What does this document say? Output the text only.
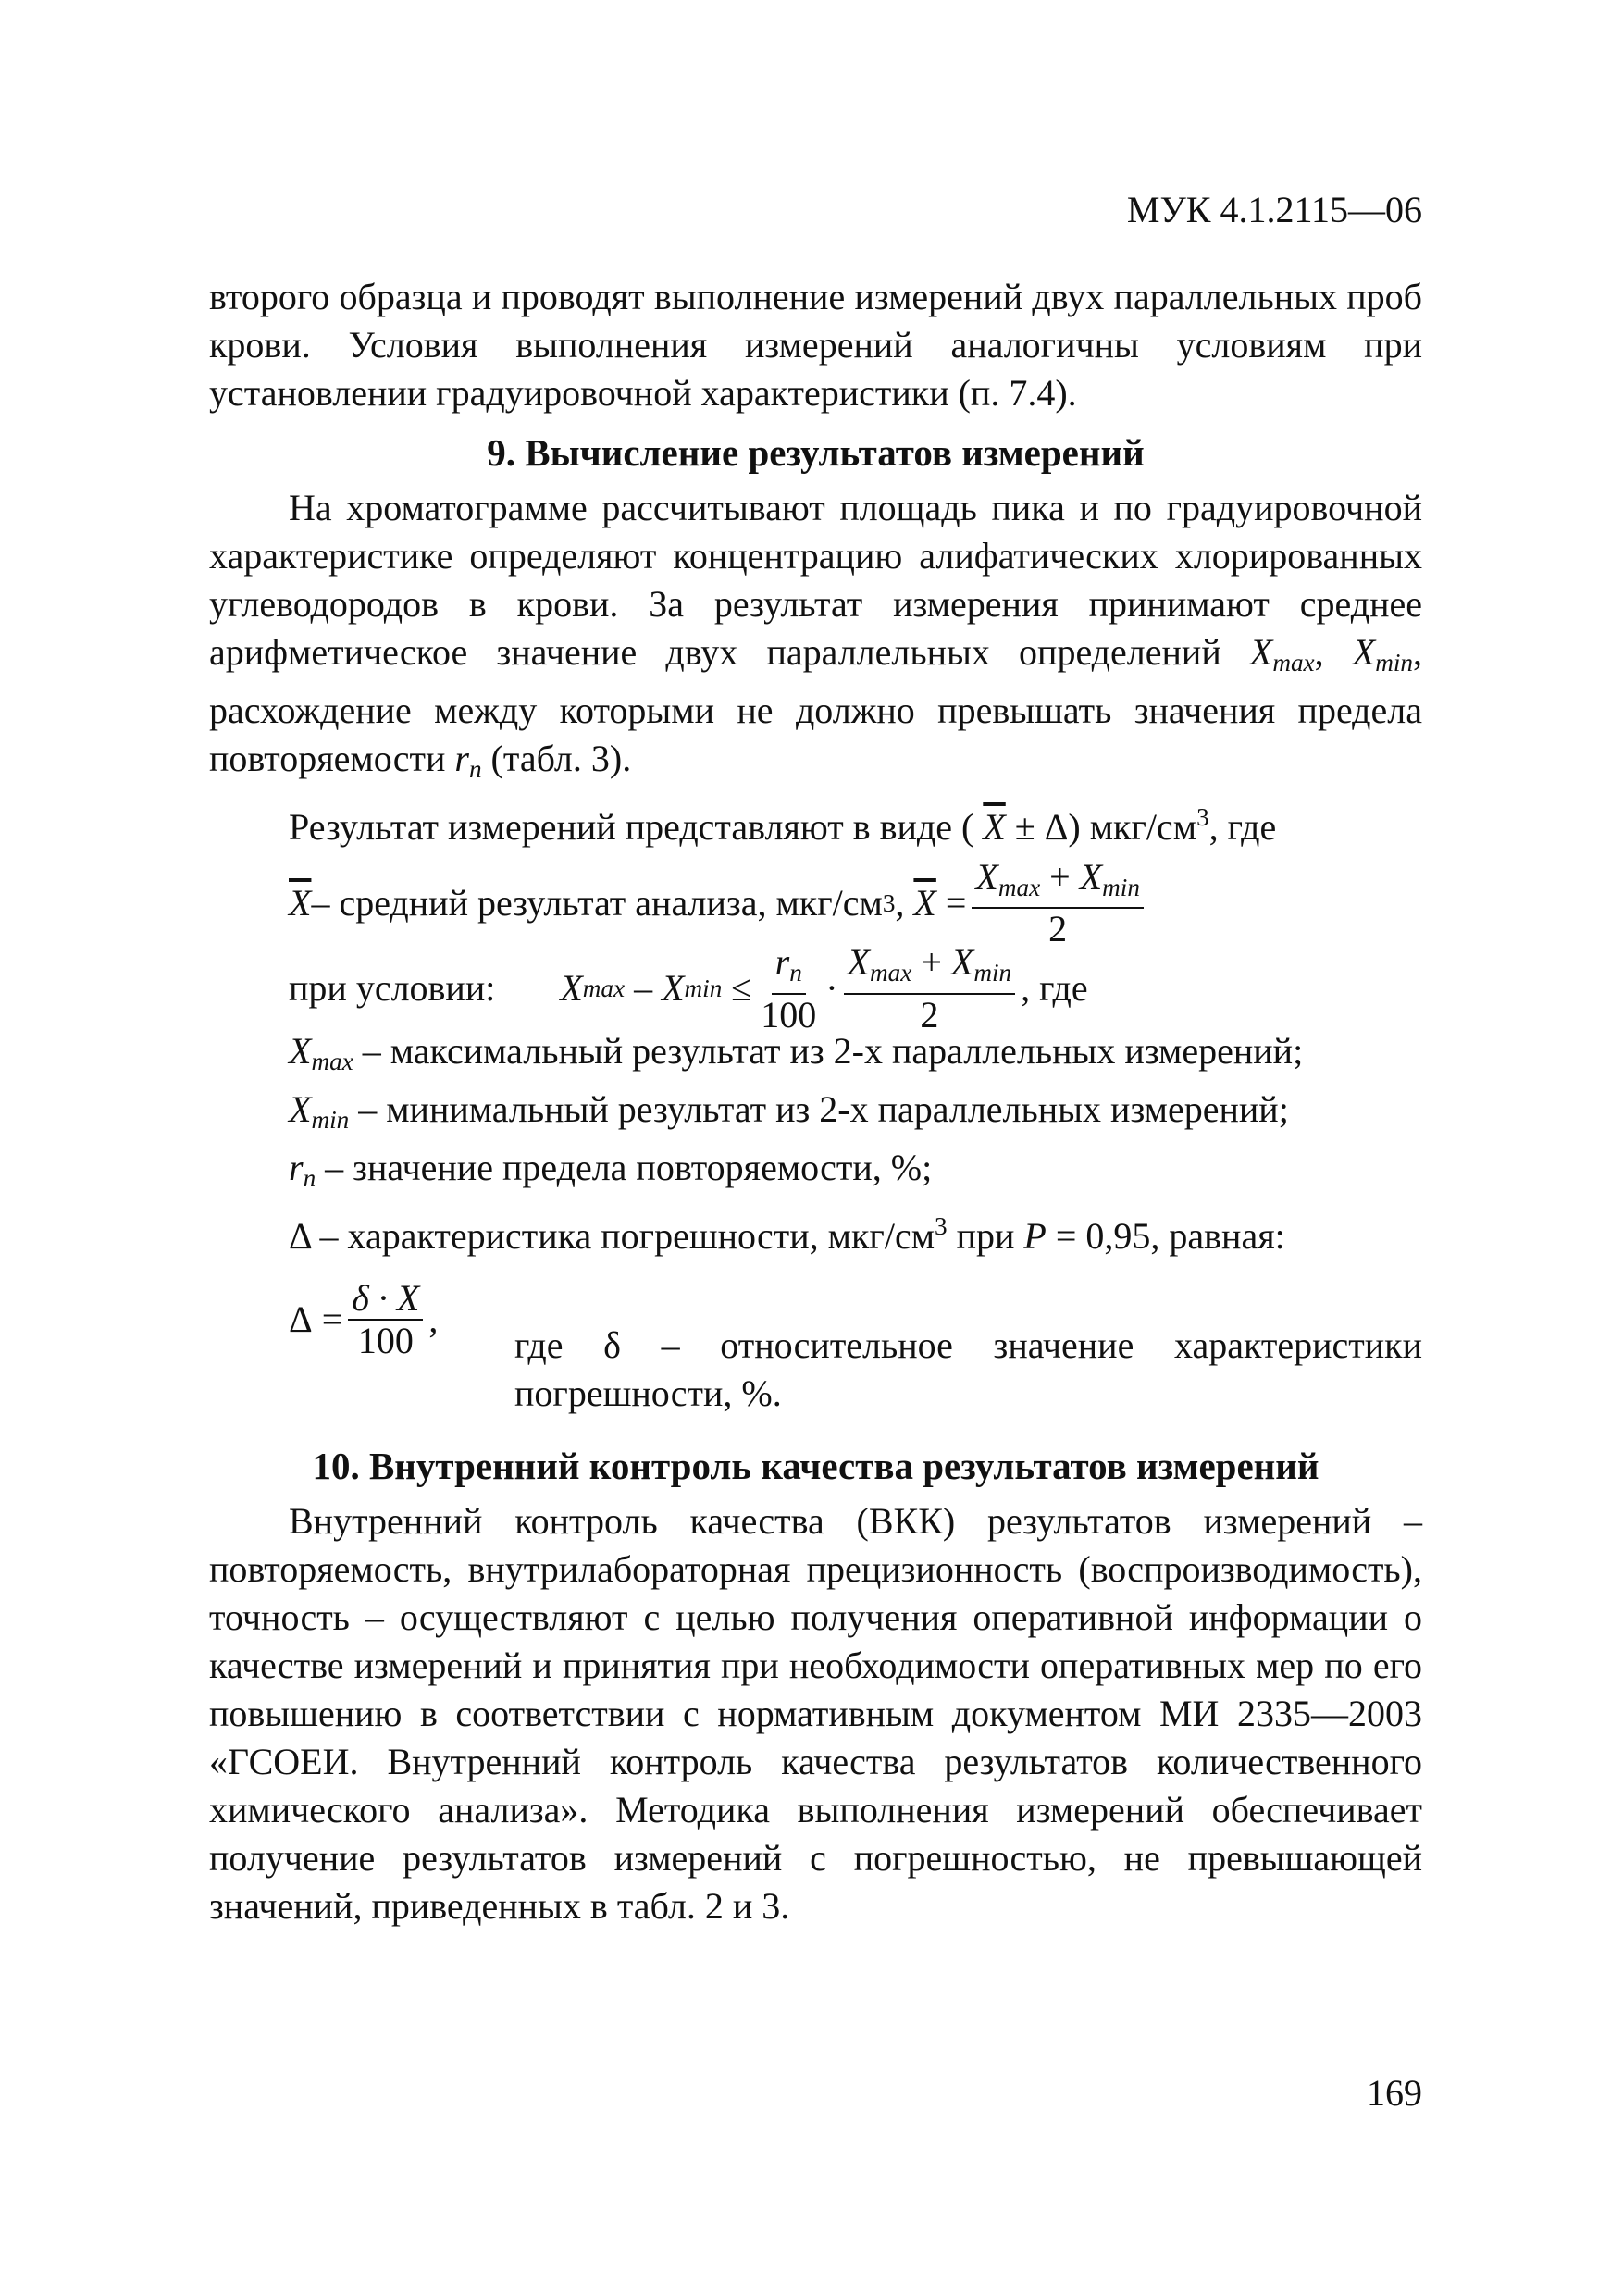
МУК 4.1.2115—06

второго образца и проводят выполнение измерений двух параллельных проб крови. Условия выполнения измерений аналогичны условиям при установлении градуировочной характеристики (п. 7.4).

9. Вычисление результатов измерений

На хроматограмме рассчитывают площадь пика и по градуировочной характеристике определяют концентрацию алифатических хлорированных углеводородов в крови. За результат измерения принимают среднее арифметическое значение двух параллельных определений $X_{max}$, $X_{min}$, расхождение между которыми не должно превышать значения предела повторяемости $r_n$ (табл. 3).

Результат измерений представляют в виде ( $\overline{X} \pm \Delta$) мкг/$см^3$, где

$\overline{X}$ – средний результат анализа, мкг/см 3 , $\overline{X} = \frac{X_{max} + X_{min}}{2}$
при условии: X max – X $\min \le \frac{r_n}{100} \cdot \frac{X_{max} + X_{min}}{2}$ , где
$X_{max}$ – максимальный результат из 2-х параллельных измерений;
$X_{min}$ – минимальный результат из 2-х параллельных измерений;
$r_n$ – значение предела повторяемости, %;
Δ – характеристика погрешности, мкг/$см^3$ при P = 0,95, равная:
$\Delta = \frac{\delta \cdot X}{100}$ ,

где δ – относительное значение характеристики погрешности, %.

10. Внутренний контроль качества результатов измерений

Внутренний контроль качества (ВКК) результатов измерений – повторяемость, внутрилабораторная прецизионность (воспроизводимость), точность – осуществляют с целью получения оперативной информации о качестве измерений и принятия при необходимости оперативных мер по его повышению в соответствии с нормативным документом МИ 2335—2003 «ГСОЕИ. Внутренний контроль качества результатов количественного химического анализа». Методика выполнения измерений обеспечивает получение результатов измерений с погрешностью, не превышающей значений, приведенных в табл. 2 и 3.

169
